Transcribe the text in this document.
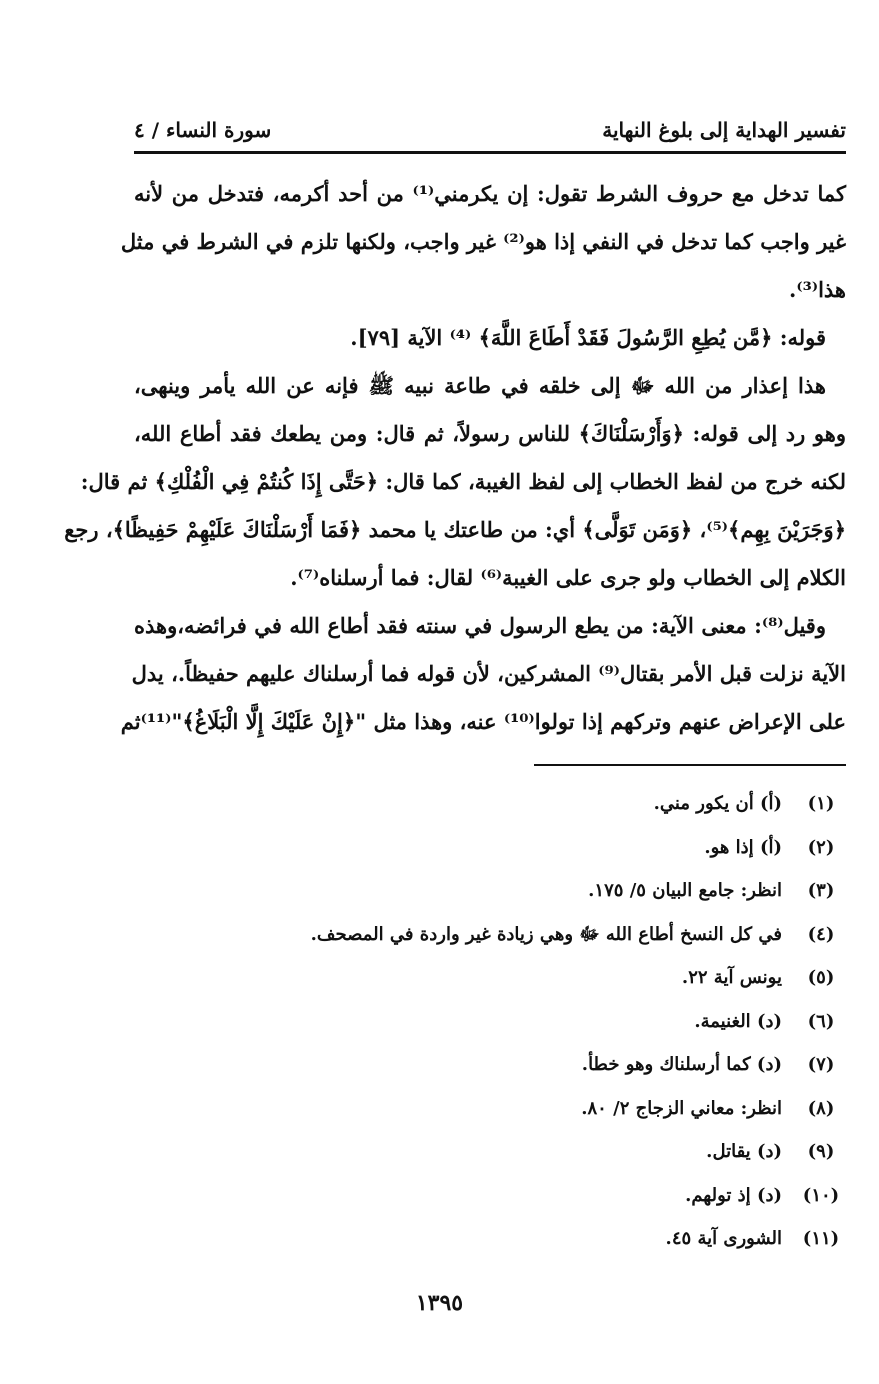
تفسير الهداية إلى بلوغ النهاية
سورة النساء / ٤
كما تدخل مع حروف الشرط تقول: إن يكرمني⁽¹⁾ من أحد أكرمه، فتدخل من لأنه
غير واجب كما تدخل في النفي إذا هو⁽²⁾ غير واجب، ولكنها تلزم في الشرط في مثل
هذا⁽³⁾.
قوله: ﴿مَّن يُطِعِ الرَّسُولَ فَقَدْ أَطَاعَ اللَّهَ﴾ ⁽⁴⁾ الآية [٧٩].
هذا إعذار من الله ﷻ إلى خلقه في طاعة نبيه ﷺ فإنه عن الله يأمر وينهى،
وهو رد إلى قوله: ﴿وَأَرْسَلْنَاكَ﴾ للناس رسولاً، ثم قال: ومن يطعك فقد أطاع الله،
لكنه خرج من لفظ الخطاب إلى لفظ الغيبة، كما قال: ﴿حَتَّى إِذَا كُنتُمْ فِي الْفُلْكِ﴾ ثم قال:
﴿وَجَرَيْنَ بِهِم﴾⁽⁵⁾، ﴿وَمَن تَوَلَّى﴾ أي: من طاعتك يا محمد ﴿فَمَا أَرْسَلْنَاكَ عَلَيْهِمْ حَفِيظًا﴾، رجع
الكلام إلى الخطاب ولو جرى على الغيبة⁽⁶⁾ لقال: فما أرسلناه⁽⁷⁾.
وقيل⁽⁸⁾: معنى الآية: من يطع الرسول في سنته فقد أطاع الله في فرائضه،وهذه
الآية نزلت قبل الأمر بقتال⁽⁹⁾ المشركين، لأن قوله فما أرسلناك عليهم حفيظاً.، يدل
على الإعراض عنهم وتركهم إذا تولوا⁽¹⁰⁾ عنه، وهذا مثل "﴿إِنْ عَلَيْكَ إِلَّا الْبَلَاغُ﴾"⁽¹¹⁾ثم
(١)
(أ) أن يكور مني.
(٢)
(أ) إذا هو.
(٣)
انظر: جامع البيان ٥/ ١٧٥.
(٤)
في كل النسخ أطاع الله ﷻ وهي زيادة غير واردة في المصحف.
(٥)
يونس آية ٢٢.
(٦)
(د) الغنيمة.
(٧)
(د) كما أرسلناك وهو خطأ.
(٨)
انظر: معاني الزجاج ٢/ ٨٠.
(٩)
(د) يقاتل.
(١٠)
(د) إذ تولهم.
(١١)
الشورى آية ٤٥.
١٣٩٥
